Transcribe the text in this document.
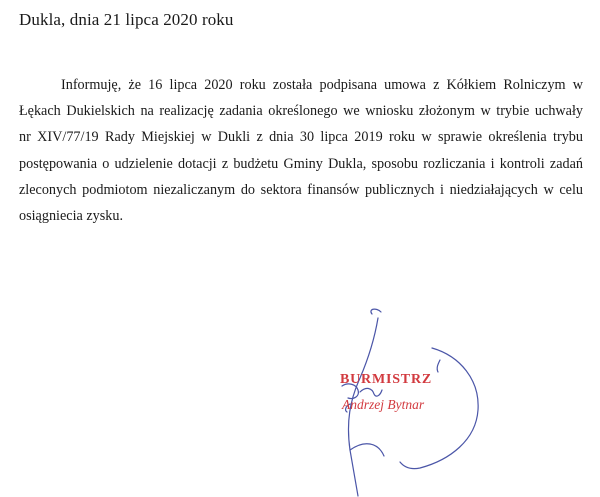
Dukla, dnia 21 lipca 2020 roku
Informuję, że 16 lipca 2020 roku została podpisana umowa z Kółkiem Rolniczym w
Łękach Dukielskich na realizację zadania określonego we wniosku złożonym w trybie uchwały
nr XIV/77/19 Rady Miejskiej w Dukli z dnia 30 lipca 2019 roku w sprawie określenia trybu
postępowania o udzielenie dotacji z budżetu Gminy Dukla, sposobu rozliczania i kontroli zadań
zleconych podmiotom niezaliczanym do sektora finansów publicznych i niedziałających w celu
osiągniecia zysku.
BURMISTRZ
Andrzej Bytnar
